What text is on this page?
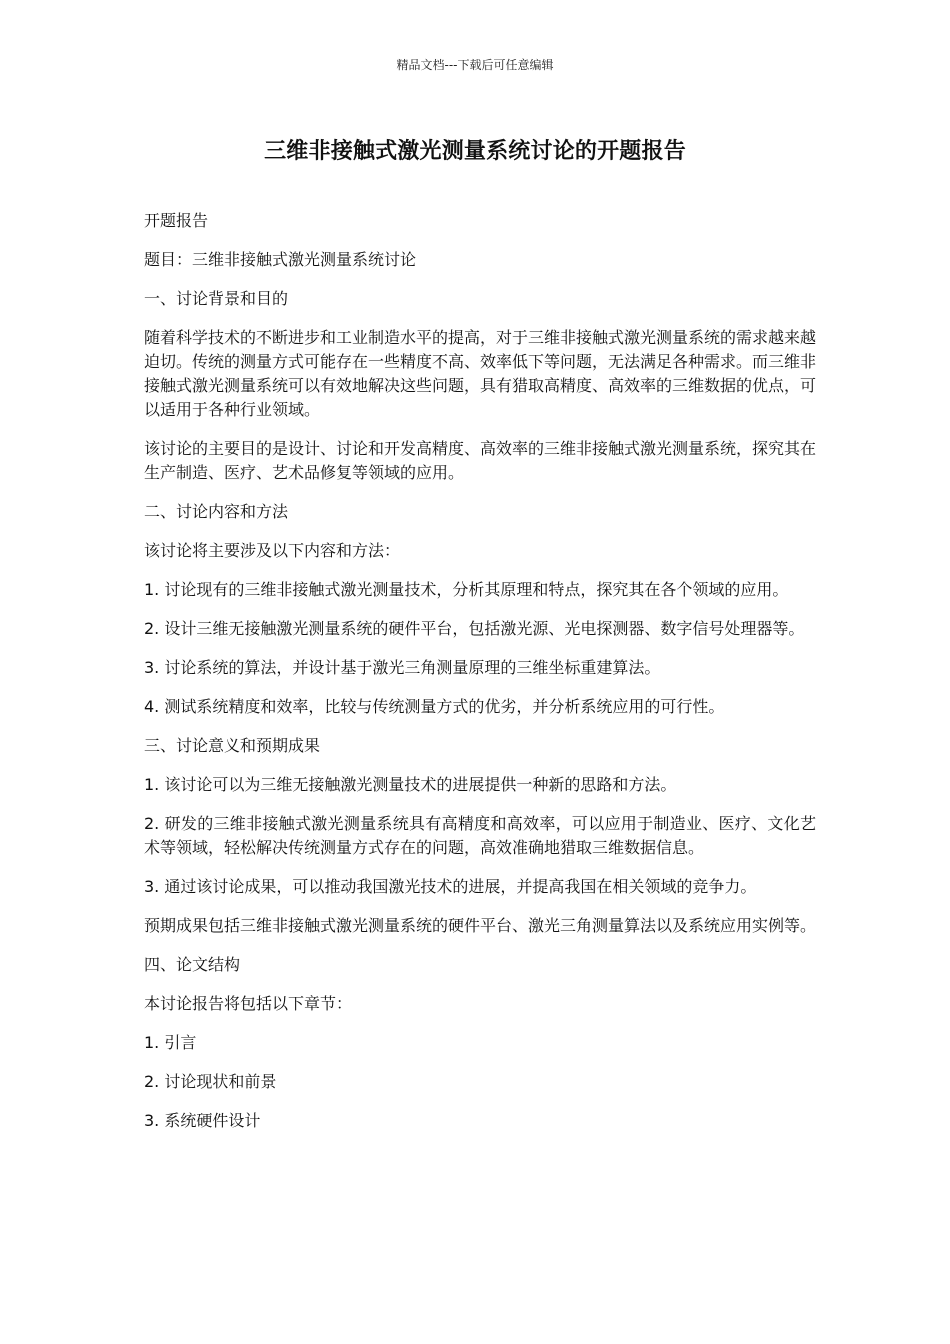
精品文档---下载后可任意编辑
三维非接触式激光测量系统讨论的开题报告

开题报告

题目：三维非接触式激光测量系统讨论

一、讨论背景和目的

随着科学技术的不断进步和工业制造水平的提高，对于三维非接触式激光测量系统的需求越来越迫切。传统的测量方式可能存在一些精度不高、效率低下等问题，无法满足各种需求。而三维非接触式激光测量系统可以有效地解决这些问题，具有猎取高精度、高效率的三维数据的优点，可以适用于各种行业领域。

该讨论的主要目的是设计、讨论和开发高精度、高效率的三维非接触式激光测量系统，探究其在生产制造、医疗、艺术品修复等领域的应用。

二、讨论内容和方法

该讨论将主要涉及以下内容和方法：

1. 讨论现有的三维非接触式激光测量技术，分析其原理和特点，探究其在各个领域的应用。

2. 设计三维无接触激光测量系统的硬件平台，包括激光源、光电探测器、数字信号处理器等。

3. 讨论系统的算法，并设计基于激光三角测量原理的三维坐标重建算法。

4. 测试系统精度和效率，比较与传统测量方式的优劣，并分析系统应用的可行性。

三、讨论意义和预期成果

1. 该讨论可以为三维无接触激光测量技术的进展提供一种新的思路和方法。

2. 研发的三维非接触式激光测量系统具有高精度和高效率，可以应用于制造业、医疗、文化艺术等领域，轻松解决传统测量方式存在的问题，高效准确地猎取三维数据信息。

3. 通过该讨论成果，可以推动我国激光技术的进展，并提高我国在相关领域的竞争力。

预期成果包括三维非接触式激光测量系统的硬件平台、激光三角测量算法以及系统应用实例等。

四、论文结构

本讨论报告将包括以下章节：

1. 引言

2. 讨论现状和前景

3. 系统硬件设计
